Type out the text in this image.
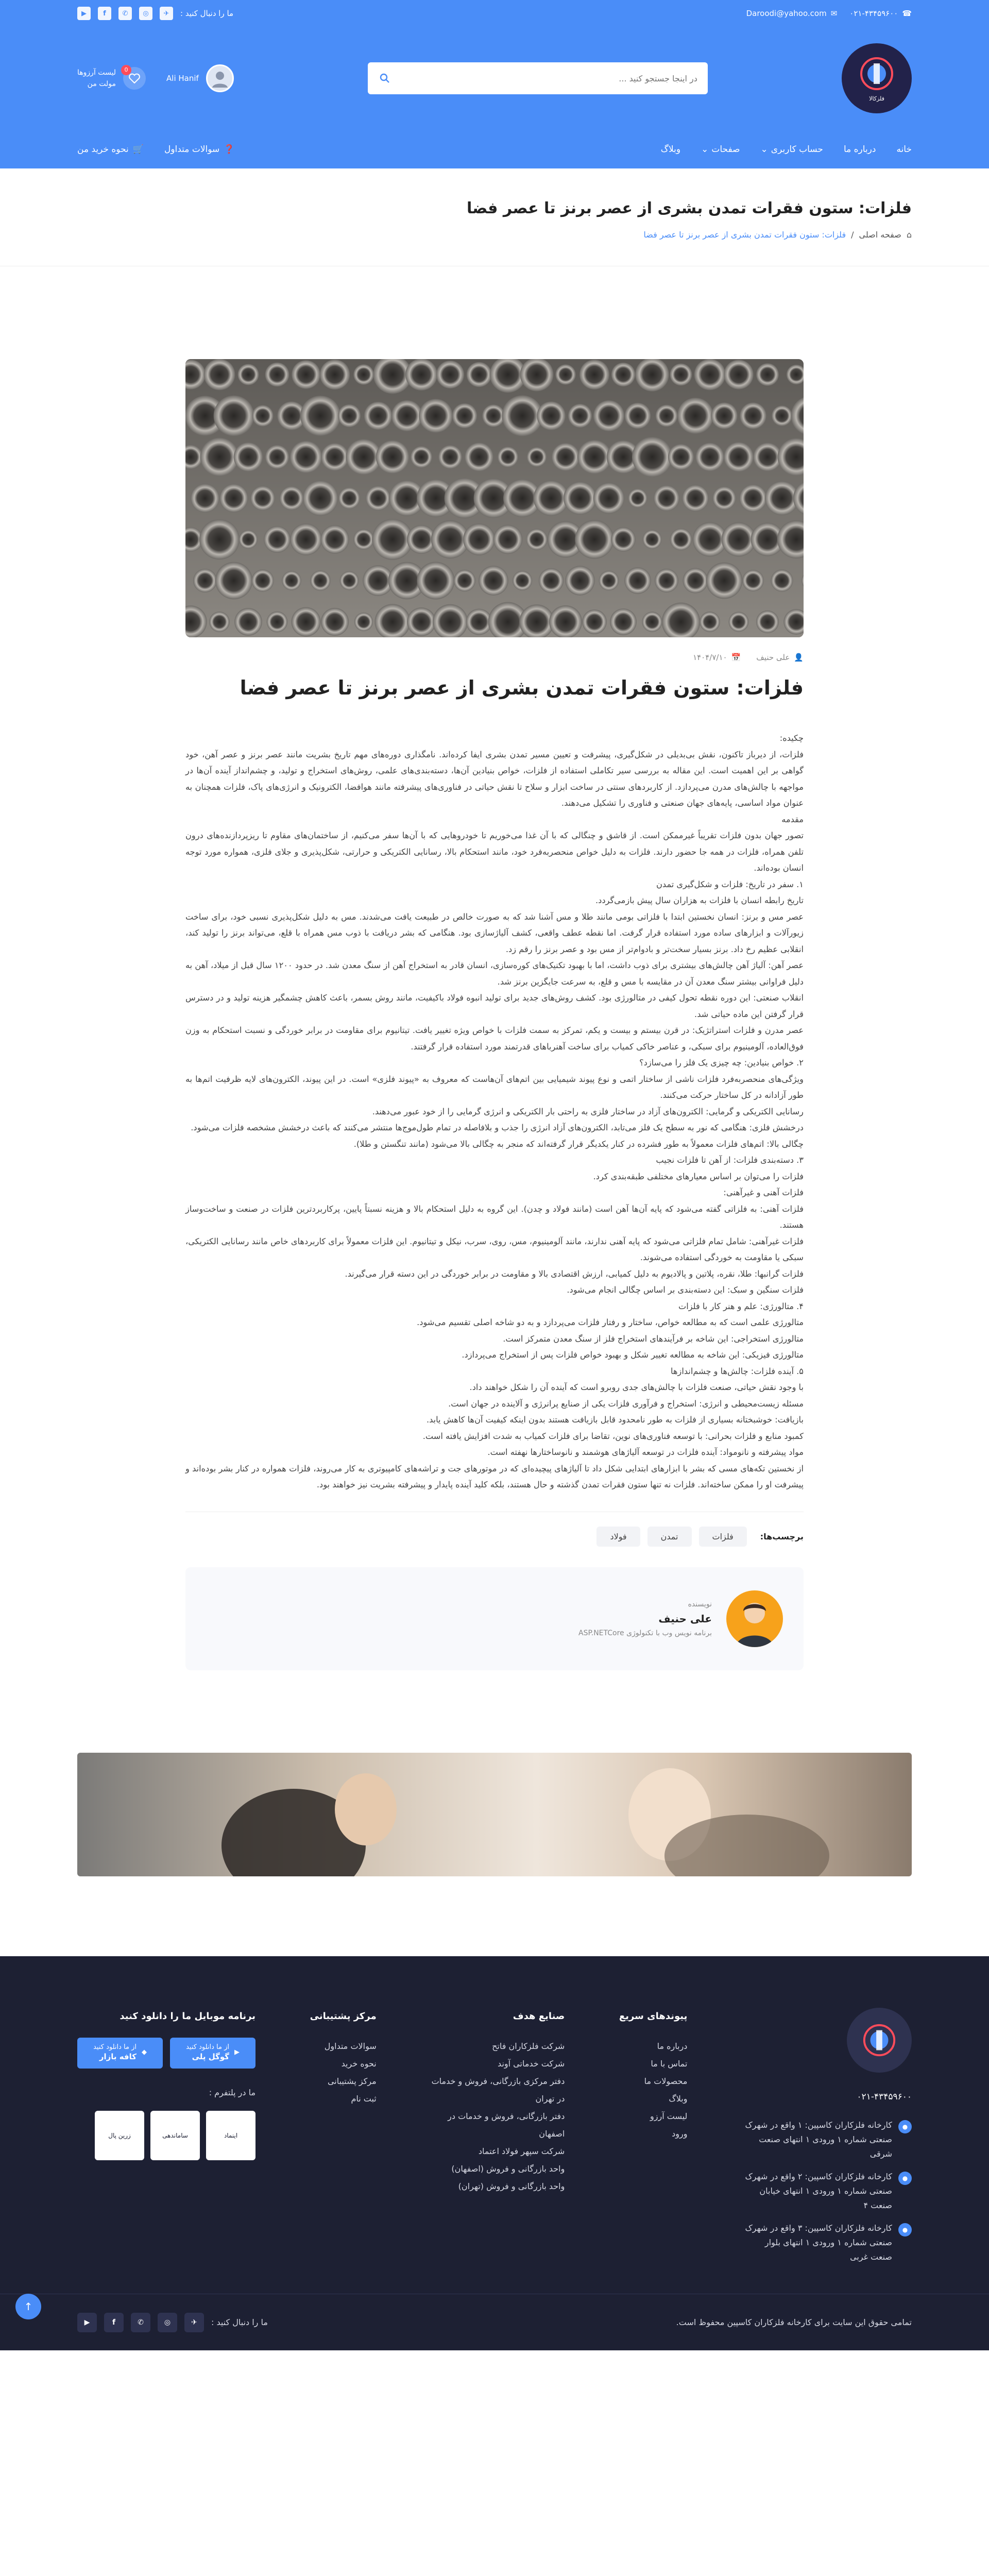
☎
۰۲۱-۴۳۴۵۹۶۰۰
✉
Daroodi@yahoo.com
ما را دنبال کنید :
✈
◎
✆
f
▶
فلزکالا
در اینجا جستجو کنید ...
Ali Hanif
0
لیست آرزوها
مولت من
خانه
درباره ما
حساب کاربری
⌄
صفحات
⌄
وبلاگ
❓
سوالات متداول
🛒
نحوه خرید من
فلزات: ستون فقرات تمدن بشری از عصر برنز تا عصر فضا
⌂
صفحه اصلی
/
فلزات: ستون فقرات تمدن بشری از عصر برنز تا عصر فضا
👤
علی حنیف
📅
۱۴۰۴/۷/۱۰
فلزات: ستون فقرات تمدن بشری از عصر برنز تا عصر فضا

چکیده:

فلزات، از دیرباز تاکنون، نقش بی‌بدیلی در شکل‌گیری، پیشرفت و تعیین مسیر تمدن بشری ایفا کرده‌اند. نامگذاری دوره‌های مهم تاریخ بشریت مانند عصر برنز و عصر آهن، خود گواهی بر این اهمیت است. این مقاله به بررسی سیر تکاملی استفاده از فلزات، خواص بنیادین آن‌ها، دسته‌بندی‌های علمی، روش‌های استخراج و تولید، و چشم‌انداز آینده آن‌ها در مواجهه با چالش‌های مدرن می‌پردازد. از کاربردهای سنتی در ساخت ابزار و سلاح تا نقش حیاتی در فناوری‌های پیشرفته مانند هوافضا، الکترونیک و انرژی‌های پاک، فلزات همچنان به عنوان مواد اساسی، پایه‌های جهان صنعتی و فناوری را تشکیل می‌دهند.

مقدمه

تصور جهان بدون فلزات تقریباً غیرممکن است. از قاشق و چنگالی که با آن غذا می‌خوریم تا خودروهایی که با آن‌ها سفر می‌کنیم، از ساختمان‌های مقاوم تا ریزپردازنده‌های درون تلفن همراه، فلزات در همه جا حضور دارند. فلزات به دلیل خواص منحصربه‌فرد خود، مانند استحکام بالا، رسانایی الکتریکی و حرارتی، شکل‌پذیری و جلای فلزی، همواره مورد توجه انسان بوده‌اند.

۱. سفر در تاریخ: فلزات و شکل‌گیری تمدن

تاریخ رابطه انسان با فلزات به هزاران سال پیش بازمی‌گردد.

عصر مس و برنز: انسان نخستین ابتدا با فلزاتی بومی مانند طلا و مس آشنا شد که به صورت خالص در طبیعت یافت می‌شدند. مس به دلیل شکل‌پذیری نسبی خود، برای ساخت زیورآلات و ابزارهای ساده مورد استفاده قرار گرفت. اما نقطه عطف واقعی، کشف آلیاژسازی بود. هنگامی که بشر دریافت با ذوب مس همراه با قلع، می‌تواند برنز را تولید کند، انقلابی عظیم رخ داد. برنز بسیار سخت‌تر و بادوام‌تر از مس بود و عصر برنز را رقم زد.

عصر آهن: آلیاژ آهن چالش‌های بیشتری برای ذوب داشت، اما با بهبود تکنیک‌های کوره‌سازی، انسان قادر به استخراج آهن از سنگ معدن شد. در حدود ۱۲۰۰ سال قبل از میلاد، آهن به دلیل فراوانی بیشتر سنگ معدن آن در مقایسه با مس و قلع، به سرعت جایگزین برنز شد.

انقلاب صنعتی: این دوره نقطه تحول کیفی در متالورژی بود. کشف روش‌های جدید برای تولید انبوه فولاد باکیفیت، مانند روش بسمر، باعث کاهش چشمگیر هزینه تولید و در دسترس قرار گرفتن این ماده حیاتی شد.

عصر مدرن و فلزات استراتژیک: در قرن بیستم و بیست و یکم، تمرکز به سمت فلزات با خواص ویژه تغییر یافت. تیتانیوم برای مقاومت در برابر خوردگی و نسبت استحکام به وزن فوق‌العاده، آلومینیوم برای سبکی، و عناصر خاکی کمیاب برای ساخت آهنرباهای قدرتمند مورد استفاده قرار گرفتند.

۲. خواص بنیادین: چه چیزی یک فلز را می‌سازد؟

ویژگی‌های منحصربه‌فرد فلزات ناشی از ساختار اتمی و نوع پیوند شیمیایی بین اتم‌های آن‌هاست که معروف به «پیوند فلزی» است. در این پیوند، الکترون‌های لایه ظرفیت اتم‌ها به طور آزادانه در کل ساختار حرکت می‌کنند.

رسانایی الکتریکی و گرمایی: الکترون‌های آزاد در ساختار فلزی به راحتی بار الکتریکی و انرژی گرمایی را از خود عبور می‌دهند.

درخشش فلزی: هنگامی که نور به سطح یک فلز می‌تابد، الکترون‌های آزاد انرژی را جذب و بلافاصله در تمام طول‌موج‌ها منتشر می‌کنند که باعث درخشش مشخصه فلزات می‌شود.

چگالی بالا: اتم‌های فلزات معمولاً به طور فشرده در کنار یکدیگر قرار گرفته‌اند که منجر به چگالی بالا می‌شود (مانند تنگستن و طلا).

۳. دسته‌بندی فلزات: از آهن تا فلزات نجیب

فلزات را می‌توان بر اساس معیارهای مختلفی طبقه‌بندی کرد.

فلزات آهنی و غیرآهنی:

فلزات آهنی: به فلزاتی گفته می‌شود که پایه آن‌ها آهن است (مانند فولاد و چدن). این گروه به دلیل استحکام بالا و هزینه نسبتاً پایین، پرکاربردترین فلزات در صنعت و ساخت‌وساز هستند.

فلزات غیرآهنی: شامل تمام فلزاتی می‌شود که پایه آهنی ندارند، مانند آلومینیوم، مس، روی، سرب، نیکل و تیتانیوم. این فلزات معمولاً برای کاربردهای خاص مانند رسانایی الکتریکی، سبکی یا مقاومت به خوردگی استفاده می‌شوند.

فلزات گرانبها: طلا، نقره، پلاتین و پالادیوم به دلیل کمیابی، ارزش اقتصادی بالا و مقاومت در برابر خوردگی در این دسته قرار می‌گیرند.

فلزات سنگین و سبک: این دسته‌بندی بر اساس چگالی انجام می‌شود.

۴. متالورژی: علم و هنر کار با فلزات

متالورژی علمی است که به مطالعه خواص، ساختار و رفتار فلزات می‌پردازد و به دو شاخه اصلی تقسیم می‌شود.

متالورژی استخراجی: این شاخه بر فرآیندهای استخراج فلز از سنگ معدن متمرکز است.

متالورژی فیزیکی: این شاخه به مطالعه تغییر شکل و بهبود خواص فلزات پس از استخراج می‌پردازد.

۵. آینده فلزات: چالش‌ها و چشم‌اندازها

با وجود نقش حیاتی، صنعت فلزات با چالش‌های جدی روبرو است که آینده آن را شکل خواهند داد.

مسئله زیست‌محیطی و انرژی: استخراج و فرآوری فلزات یکی از صنایع پرانرژی و آلاینده در جهان است.

بازیافت: خوشبختانه بسیاری از فلزات به طور نامحدود قابل بازیافت هستند بدون اینکه کیفیت آن‌ها کاهش یابد.

کمبود منابع و فلزات بحرانی: با توسعه فناوری‌های نوین، تقاضا برای فلزات کمیاب به شدت افزایش یافته است.

مواد پیشرفته و نانومواد: آینده فلزات در توسعه آلیاژهای هوشمند و نانوساختارها نهفته است.

از نخستین تکه‌های مسی که بشر با ابزارهای ابتدایی شکل داد تا آلیاژهای پیچیده‌ای که در موتورهای جت و تراشه‌های کامپیوتری به کار می‌روند، فلزات همواره در کنار بشر بوده‌اند و پیشرفت او را ممکن ساخته‌اند. فلزات نه تنها ستون فقرات تمدن گذشته و حال هستند، بلکه کلید آینده پایدار و پیشرفته بشریت نیز خواهند بود.

برچسب‌ها:
فلزات
تمدن
فولاد
نویسنده
علی حنیف
برنامه نویس وب با تکنولوژی ASP.NETCore
۰۲۱-۴۳۴۵۹۶۰۰
●
کارخانه فلزکاران کاسپین: ۱ واقع در شهرک صنعتی شماره ۱ ورودی ۱ انتهای صنعت شرقی
●
کارخانه فلزکاران کاسپین: ۲ واقع در شهرک صنعتی شماره ۱ ورودی ۱ انتهای خیابان صنعت ۴
●
کارخانه فلزکاران کاسپین: ۳ واقع در شهرک صنعتی شماره ۱ ورودی ۱ انتهای بلوار صنعت غربی
پیوندهای سریع
درباره ما
تماس با ما
محصولات ما
وبلاگ
لیست آرزو
ورود
صنایع هدف
شرکت فلزکاران فاتح
شرکت خدماتی آوند
دفتر مرکزی بازرگانی، فروش و خدمات در تهران
دفتر بازرگانی، فروش و خدمات در اصفهان
شرکت سپهر فولاد اعتماد
واحد بازرگانی و فروش (اصفهان)
واحد بازرگانی و فروش (تهران)
مرکز پشتیبانی
سوالات متداول
نحوه خرید
مرکز پشتیبانی
ثبت نام
برنامه موبایل ما را دانلود کنید
▶
از ما دانلود کنید
گوگل پلی
◆
از ما دانلود کنید
کافه بازار
ما در پلتفرم :
اینماد
ساماندهی
زرین پال
تمامی حقوق این سایت برای کارخانه فلزکاران کاسپین محفوظ است.
ما را دنبال کنید :
✈
◎
✆
f
▶
↑
